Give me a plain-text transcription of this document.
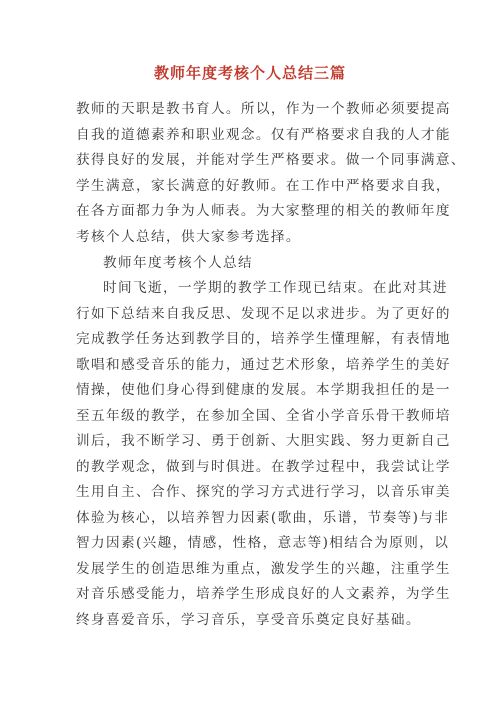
教师年度考核个人总结三篇
教师的天职是教书育人。所以，作为一个教师必须要提高
自我的道德素养和职业观念。仅有严格要求自我的人才能
获得良好的发展，并能对学生严格要求。做一个同事满意、
学生满意，家长满意的好教师。在工作中严格要求自我，
在各方面都力争为人师表。为大家整理的相关的教师年度
考核个人总结，供大家参考选择。
教师年度考核个人总结
时间飞逝，一学期的教学工作现已结束。在此对其进
行如下总结来自我反思、发现不足以求进步。为了更好的
完成教学任务达到教学目的，培养学生懂理解，有表情地
歌唱和感受音乐的能力，通过艺术形象，培养学生的美好
情操，使他们身心得到健康的发展。本学期我担任的是一
至五年级的教学，在参加全国、全省小学音乐骨干教师培
训后，我不断学习、勇于创新、大胆实践、努力更新自己
的教学观念，做到与时俱进。在教学过程中，我尝试让学
生用自主、合作、探究的学习方式进行学习，以音乐审美
体验为核心，以培养智力因素(歌曲，乐谱，节奏等)与非
智力因素(兴趣，情感，性格，意志等)相结合为原则，以
发展学生的创造思维为重点，激发学生的兴趣，注重学生
对音乐感受能力，培养学生形成良好的人文素养，为学生
终身喜爱音乐，学习音乐，享受音乐奠定良好基础。
